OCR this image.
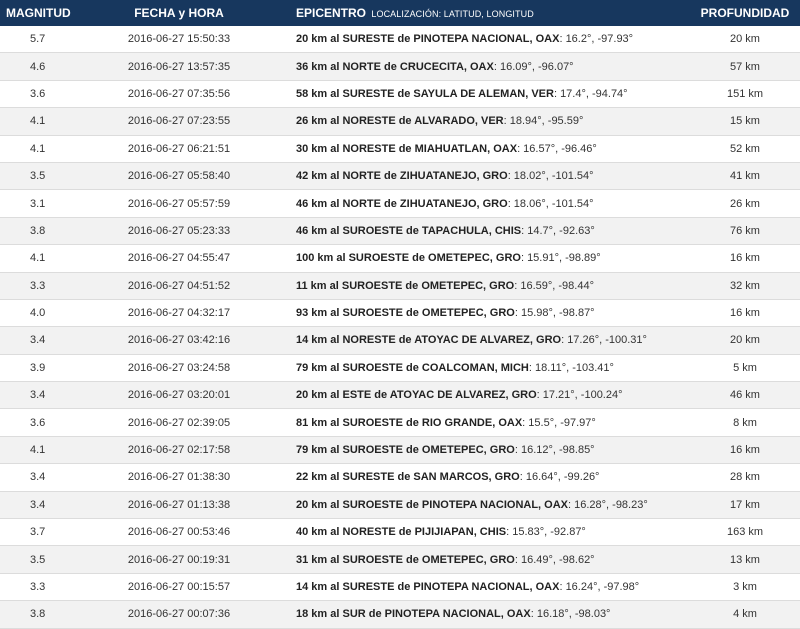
MAGNITUD	FECHA y HORA	EPICENTRO LOCALIZACIÓN: LATITUD, LONGITUD	PROFUNDIDAD
5.7	2016-06-27 15:50:33	20 km al SURESTE de PINOTEPA NACIONAL, OAX: 16.2°, -97.93°	20 km
4.6	2016-06-27 13:57:35	36 km al NORTE de CRUCECITA, OAX: 16.09°, -96.07°	57 km
3.6	2016-06-27 07:35:56	58 km al SURESTE de SAYULA DE ALEMAN, VER: 17.4°, -94.74°	151 km
4.1	2016-06-27 07:23:55	26 km al NORESTE de ALVARADO, VER: 18.94°, -95.59°	15 km
4.1	2016-06-27 06:21:51	30 km al NORESTE de MIAHUATLAN, OAX: 16.57°, -96.46°	52 km
3.5	2016-06-27 05:58:40	42 km al NORTE de ZIHUATANEJO, GRO: 18.02°, -101.54°	41 km
3.1	2016-06-27 05:57:59	46 km al NORTE de ZIHUATANEJO, GRO: 18.06°, -101.54°	26 km
3.8	2016-06-27 05:23:33	46 km al SUROESTE de TAPACHULA, CHIS: 14.7°, -92.63°	76 km
4.1	2016-06-27 04:55:47	100 km al SUROESTE de OMETEPEC, GRO: 15.91°, -98.89°	16 km
3.3	2016-06-27 04:51:52	11 km al SUROESTE de OMETEPEC, GRO: 16.59°, -98.44°	32 km
4.0	2016-06-27 04:32:17	93 km al SUROESTE de OMETEPEC, GRO: 15.98°, -98.87°	16 km
3.4	2016-06-27 03:42:16	14 km al NORESTE de ATOYAC DE ALVAREZ, GRO: 17.26°, -100.31°	20 km
3.9	2016-06-27 03:24:58	79 km al SUROESTE de COALCOMAN, MICH: 18.11°, -103.41°	5 km
3.4	2016-06-27 03:20:01	20 km al ESTE de ATOYAC DE ALVAREZ, GRO: 17.21°, -100.24°	46 km
3.6	2016-06-27 02:39:05	81 km al SUROESTE de RIO GRANDE, OAX: 15.5°, -97.97°	8 km
4.1	2016-06-27 02:17:58	79 km al SUROESTE de OMETEPEC, GRO: 16.12°, -98.85°	16 km
3.4	2016-06-27 01:38:30	22 km al SURESTE de SAN MARCOS, GRO: 16.64°, -99.26°	28 km
3.4	2016-06-27 01:13:38	20 km al SUROESTE de PINOTEPA NACIONAL, OAX: 16.28°, -98.23°	17 km
3.7	2016-06-27 00:53:46	40 km al NORESTE de PIJIJIAPAN, CHIS: 15.83°, -92.87°	163 km
3.5	2016-06-27 00:19:31	31 km al SUROESTE de OMETEPEC, GRO: 16.49°, -98.62°	13 km
3.3	2016-06-27 00:15:57	14 km al SURESTE de PINOTEPA NACIONAL, OAX: 16.24°, -97.98°	3 km
3.8	2016-06-27 00:07:36	18 km al SUR de PINOTEPA NACIONAL, OAX: 16.18°, -98.03°	4 km
